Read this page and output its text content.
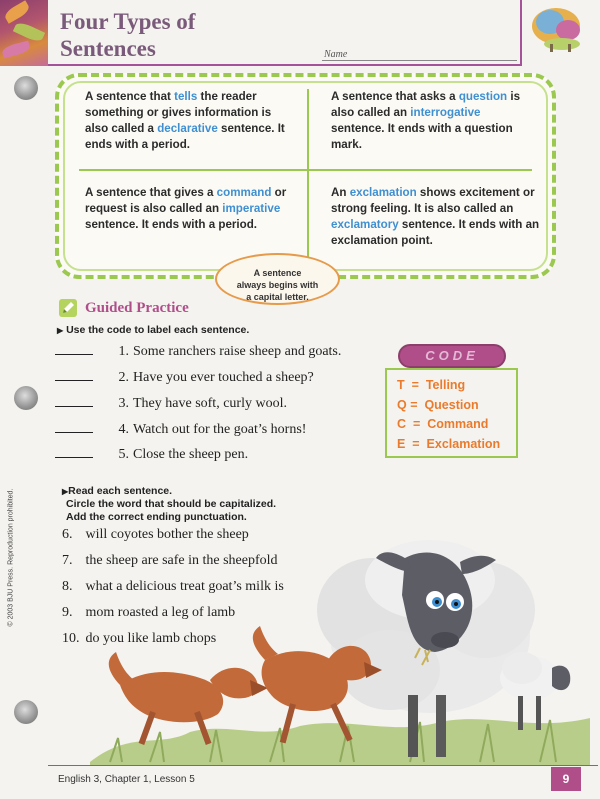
Four Types of
Sentences	Name
A sentence that tells the reader something or gives information is also called a declarative sentence. It ends with a period.
A sentence that asks a question is also called an interrogative sentence. It ends with a question mark.
A sentence that gives a command or request is also called an imperative sentence. It ends with a period.
An exclamation shows excitement or strong feeling. It is also called an exclamatory sentence. It ends with an exclamation point.
A sentence
always begins with
a capital letter.
Guided Practice
▶ Use the code to label each sentence.
1. Some ranchers raise sheep and goats.
2. Have you ever touched a sheep?
3. They have soft, curly wool.
4. Watch out for the goat’s horns!
5. Close the sheep pen.
CODE
T  =  Telling
Q =  Question
C  =  Command
E  =  Exclamation
▶Read each sentence.
Circle the word that should be capitalized.
Add the correct ending punctuation.
6. will coyotes bother the sheep
7. the sheep are safe in the sheepfold
8. what a delicious treat goat’s milk is
9. mom roasted a leg of lamb
10. do you like lamb chops
© 2003 BJU Press. Reproduction prohibited.
English 3, Chapter 1, Lesson 5	9
